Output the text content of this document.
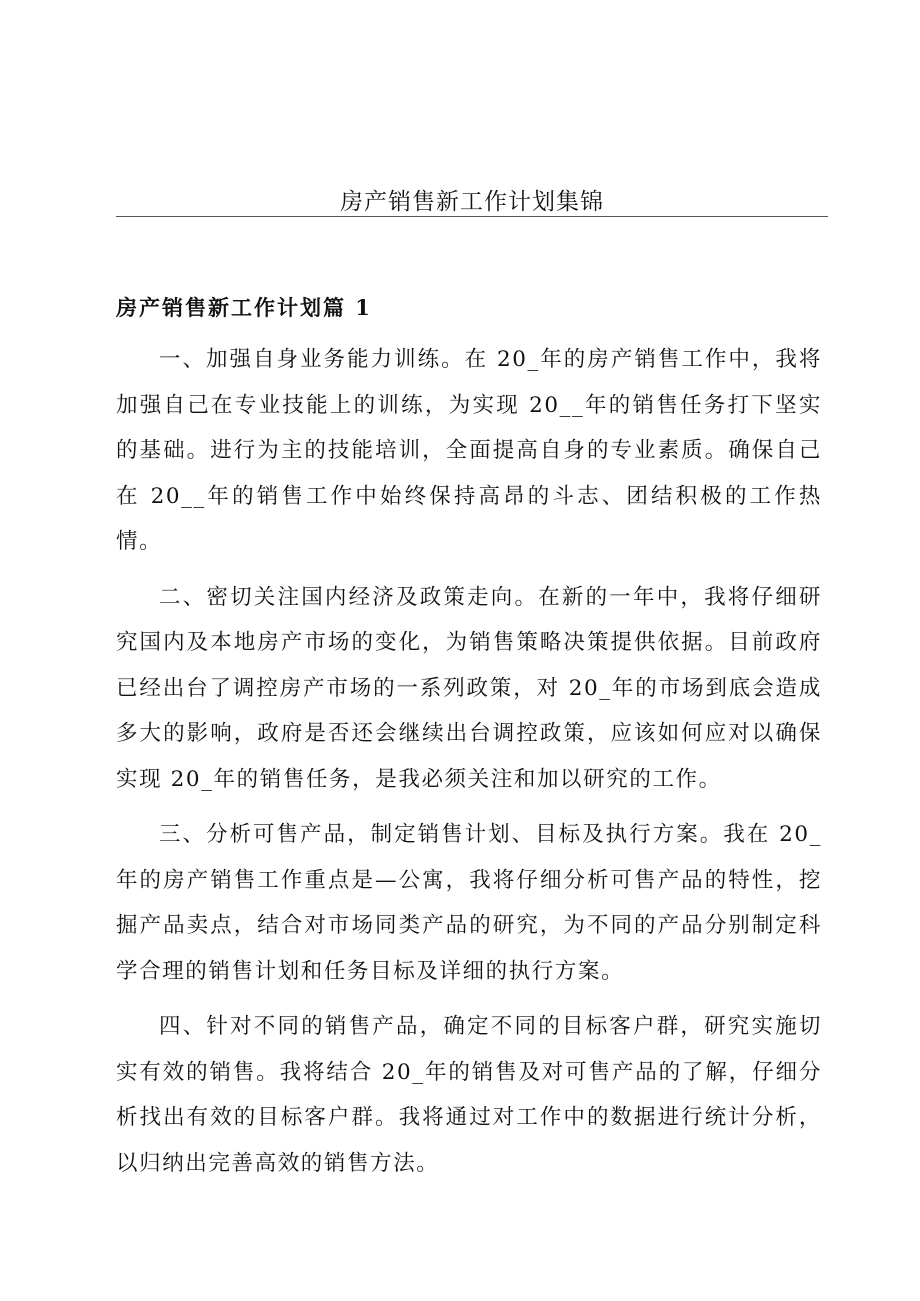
房产销售新工作计划集锦
房产销售新工作计划篇 1

一、加强自身业务能力训练。在 20_年的房产销售工作中，我将加强自己在专业技能上的训练，为实现 20__年的销售任务打下坚实的基础。进行为主的技能培训，全面提高自身的专业素质。确保自己在 20__年的销售工作中始终保持高昂的斗志、团结积极的工作热情。

二、密切关注国内经济及政策走向。在新的一年中，我将仔细研究国内及本地房产市场的变化，为销售策略决策提供依据。目前政府已经出台了调控房产市场的一系列政策，对 20_年的市场到底会造成多大的影响，政府是否还会继续出台调控政策，应该如何应对以确保实现 20_年的销售任务，是我必须关注和加以研究的工作。

三、分析可售产品，制定销售计划、目标及执行方案。我在 20_年的房产销售工作重点是—公寓，我将仔细分析可售产品的特性，挖掘产品卖点，结合对市场同类产品的研究，为不同的产品分别制定科学合理的销售计划和任务目标及详细的执行方案。

四、针对不同的销售产品，确定不同的目标客户群，研究实施切实有效的销售。我将结合 20_年的销售及对可售产品的了解，仔细分析找出有效的目标客户群。我将通过对工作中的数据进行统计分析，以归纳出完善高效的销售方法。
